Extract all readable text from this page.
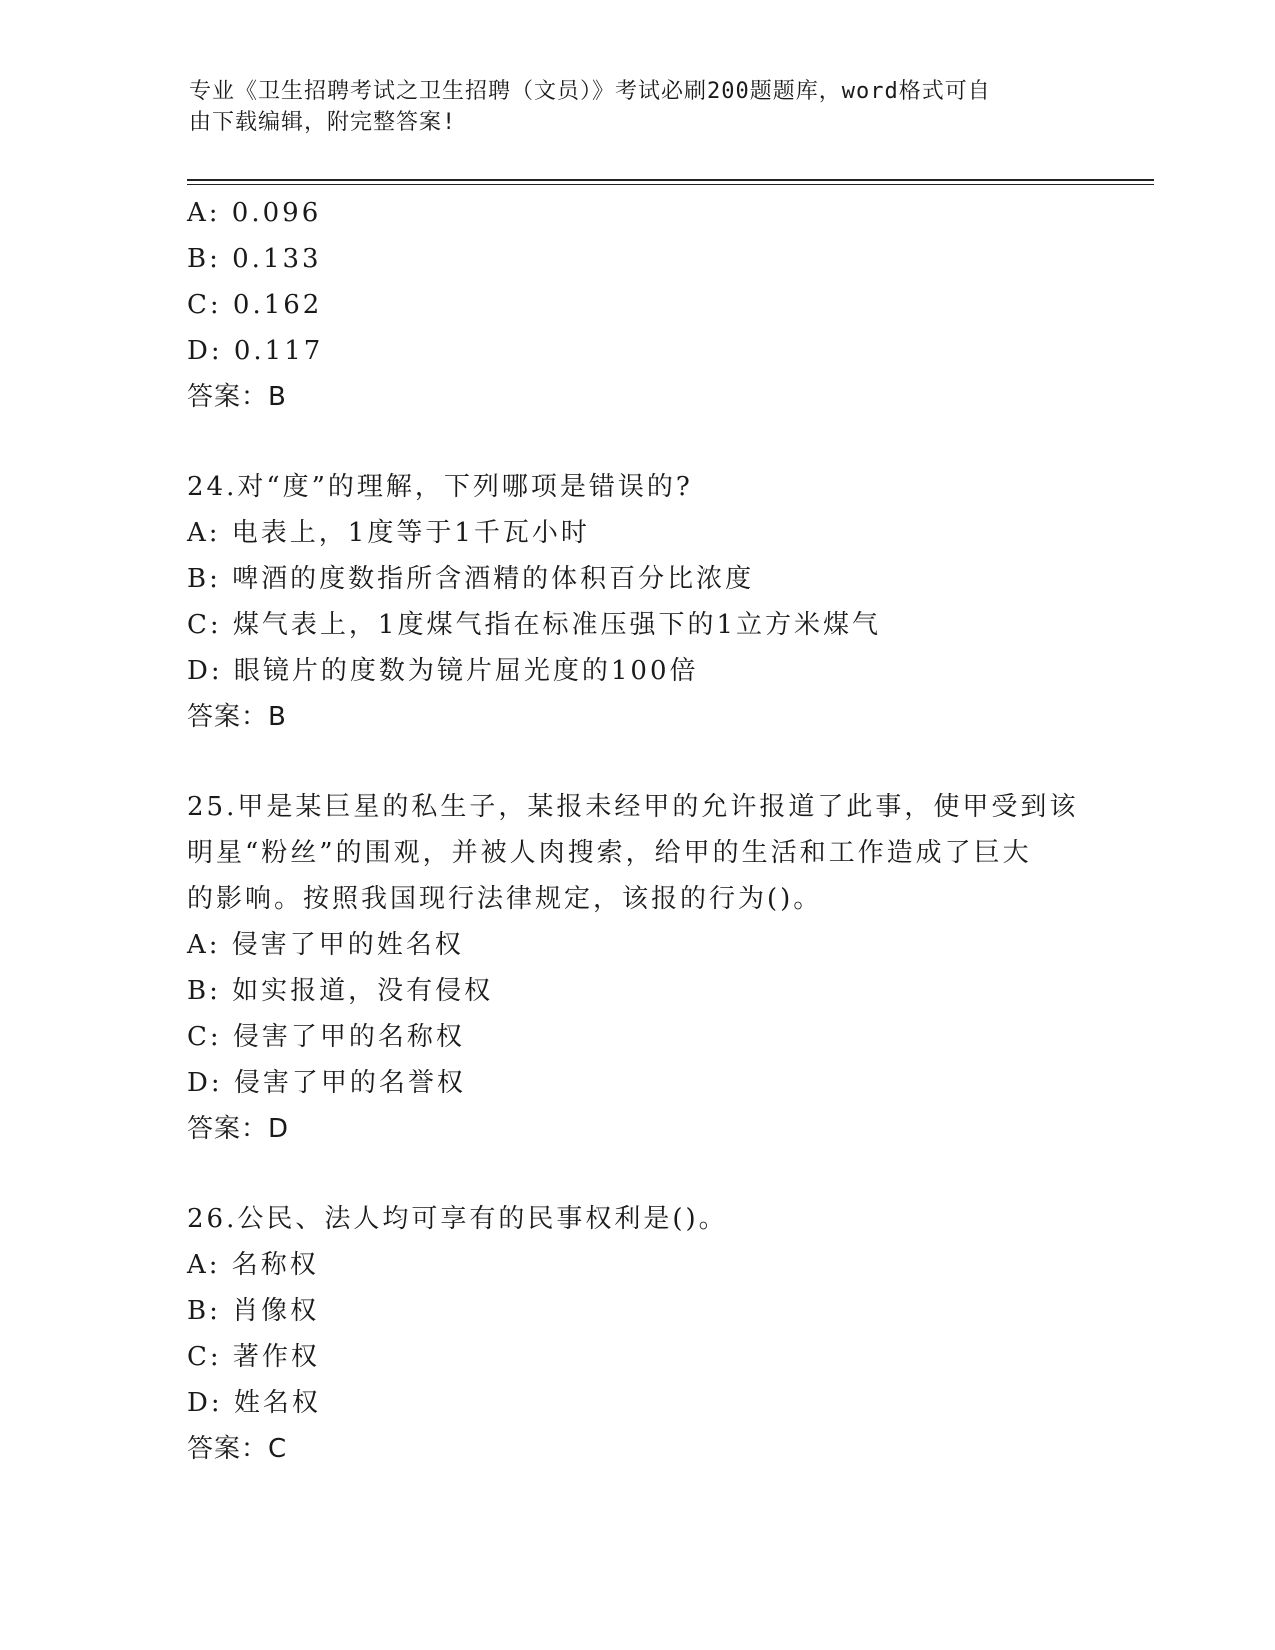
专业《卫生招聘考试之卫生招聘（文员）》考试必刷200题题库，word格式可自
由下载编辑，附完整答案!
A: 0.096
B: 0.133
C: 0.162
D: 0.117
答案：B
24.对“度”的理解，下列哪项是错误的?
A: 电表上，1度等于1千瓦小时
B: 啤酒的度数指所含酒精的体积百分比浓度
C: 煤气表上，1度煤气指在标准压强下的1立方米煤气
D: 眼镜片的度数为镜片屈光度的100倍
答案：B
25.甲是某巨星的私生子，某报未经甲的允许报道了此事，使甲受到该
明星“粉丝”的围观，并被人肉搜索，给甲的生活和工作造成了巨大
的影响。按照我国现行法律规定，该报的行为()。
A: 侵害了甲的姓名权
B: 如实报道，没有侵权
C: 侵害了甲的名称权
D: 侵害了甲的名誉权
答案：D
26.公民、法人均可享有的民事权利是()。
A: 名称权
B: 肖像权
C: 著作权
D: 姓名权
答案：C
